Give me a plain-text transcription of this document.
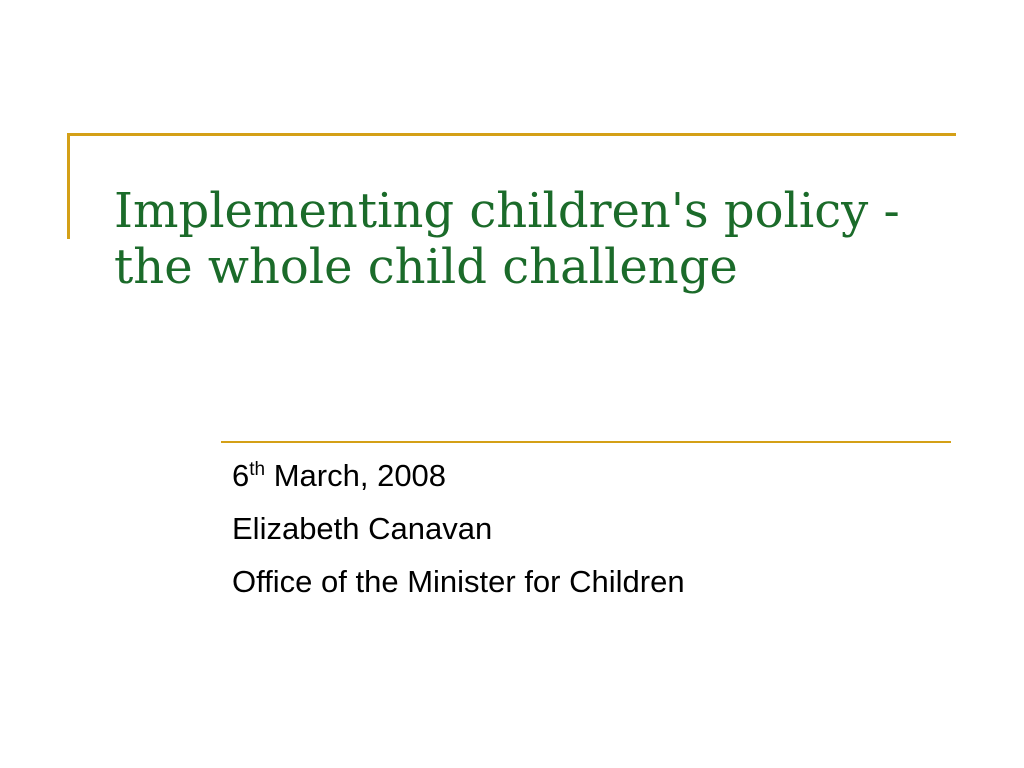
Implementing children's policy -
the whole child challenge
6th March, 2008
Elizabeth Canavan
Office of the Minister for Children
